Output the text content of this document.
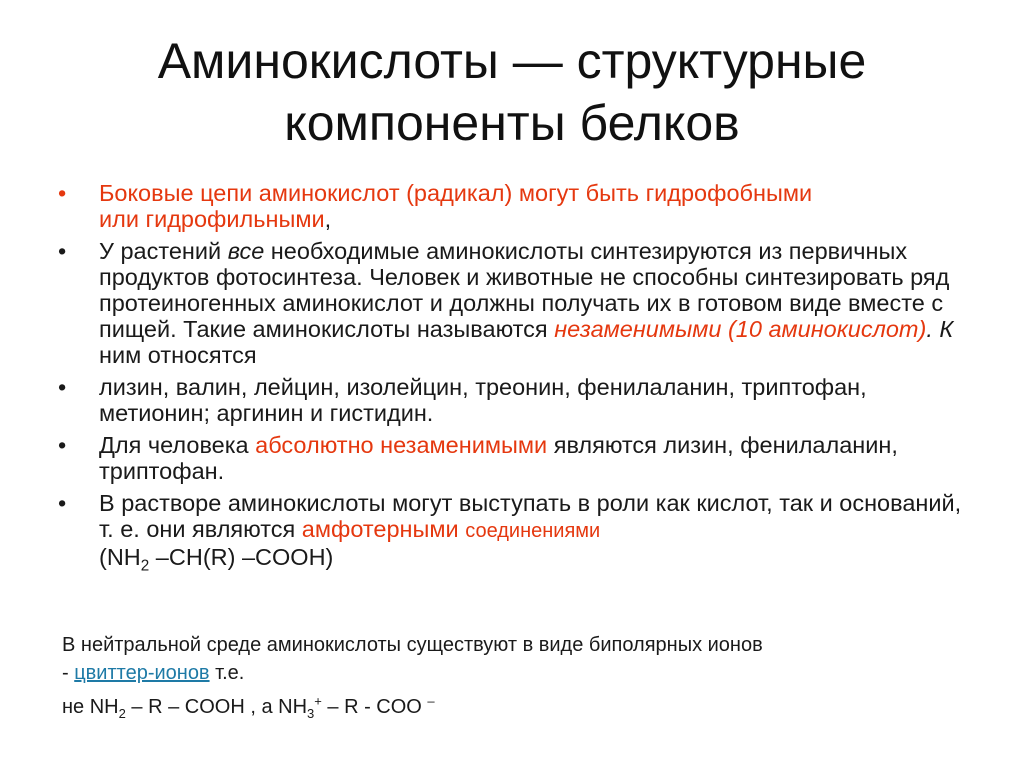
Аминокислоты — структурные
компоненты белков
• Боковые цепи аминокислот (радикал) могут быть гидрофобными
или гидрофильными,
• У растений все необходимые аминокислоты синтезируются из первичных продуктов фотосинтеза. Человек и животные не способны синтезировать ряд протеиногенных аминокислот и должны получать их в готовом виде вместе с пищей. Такие аминокислоты называются незаменимыми (10 аминокислот). К ним относятся
• лизин, валин, лейцин, изолейцин, треонин, фенилаланин, триптофан, метионин; аргинин и гистидин.
• Для человека абсолютно незаменимыми являются лизин, фенилаланин, триптофан.
• В растворе аминокислоты могут выступать в роли как кислот, так и оснований, т. е. они являются амфотерными соединениями
($NH_2$ –CH(R) –COOH)
В нейтральной среде аминокислоты существуют в виде биполярных ионов
- цвиттер-ионов т.е.
не $NH_2$ – R – COOH , а $NH_3^+$ – R - COO –
